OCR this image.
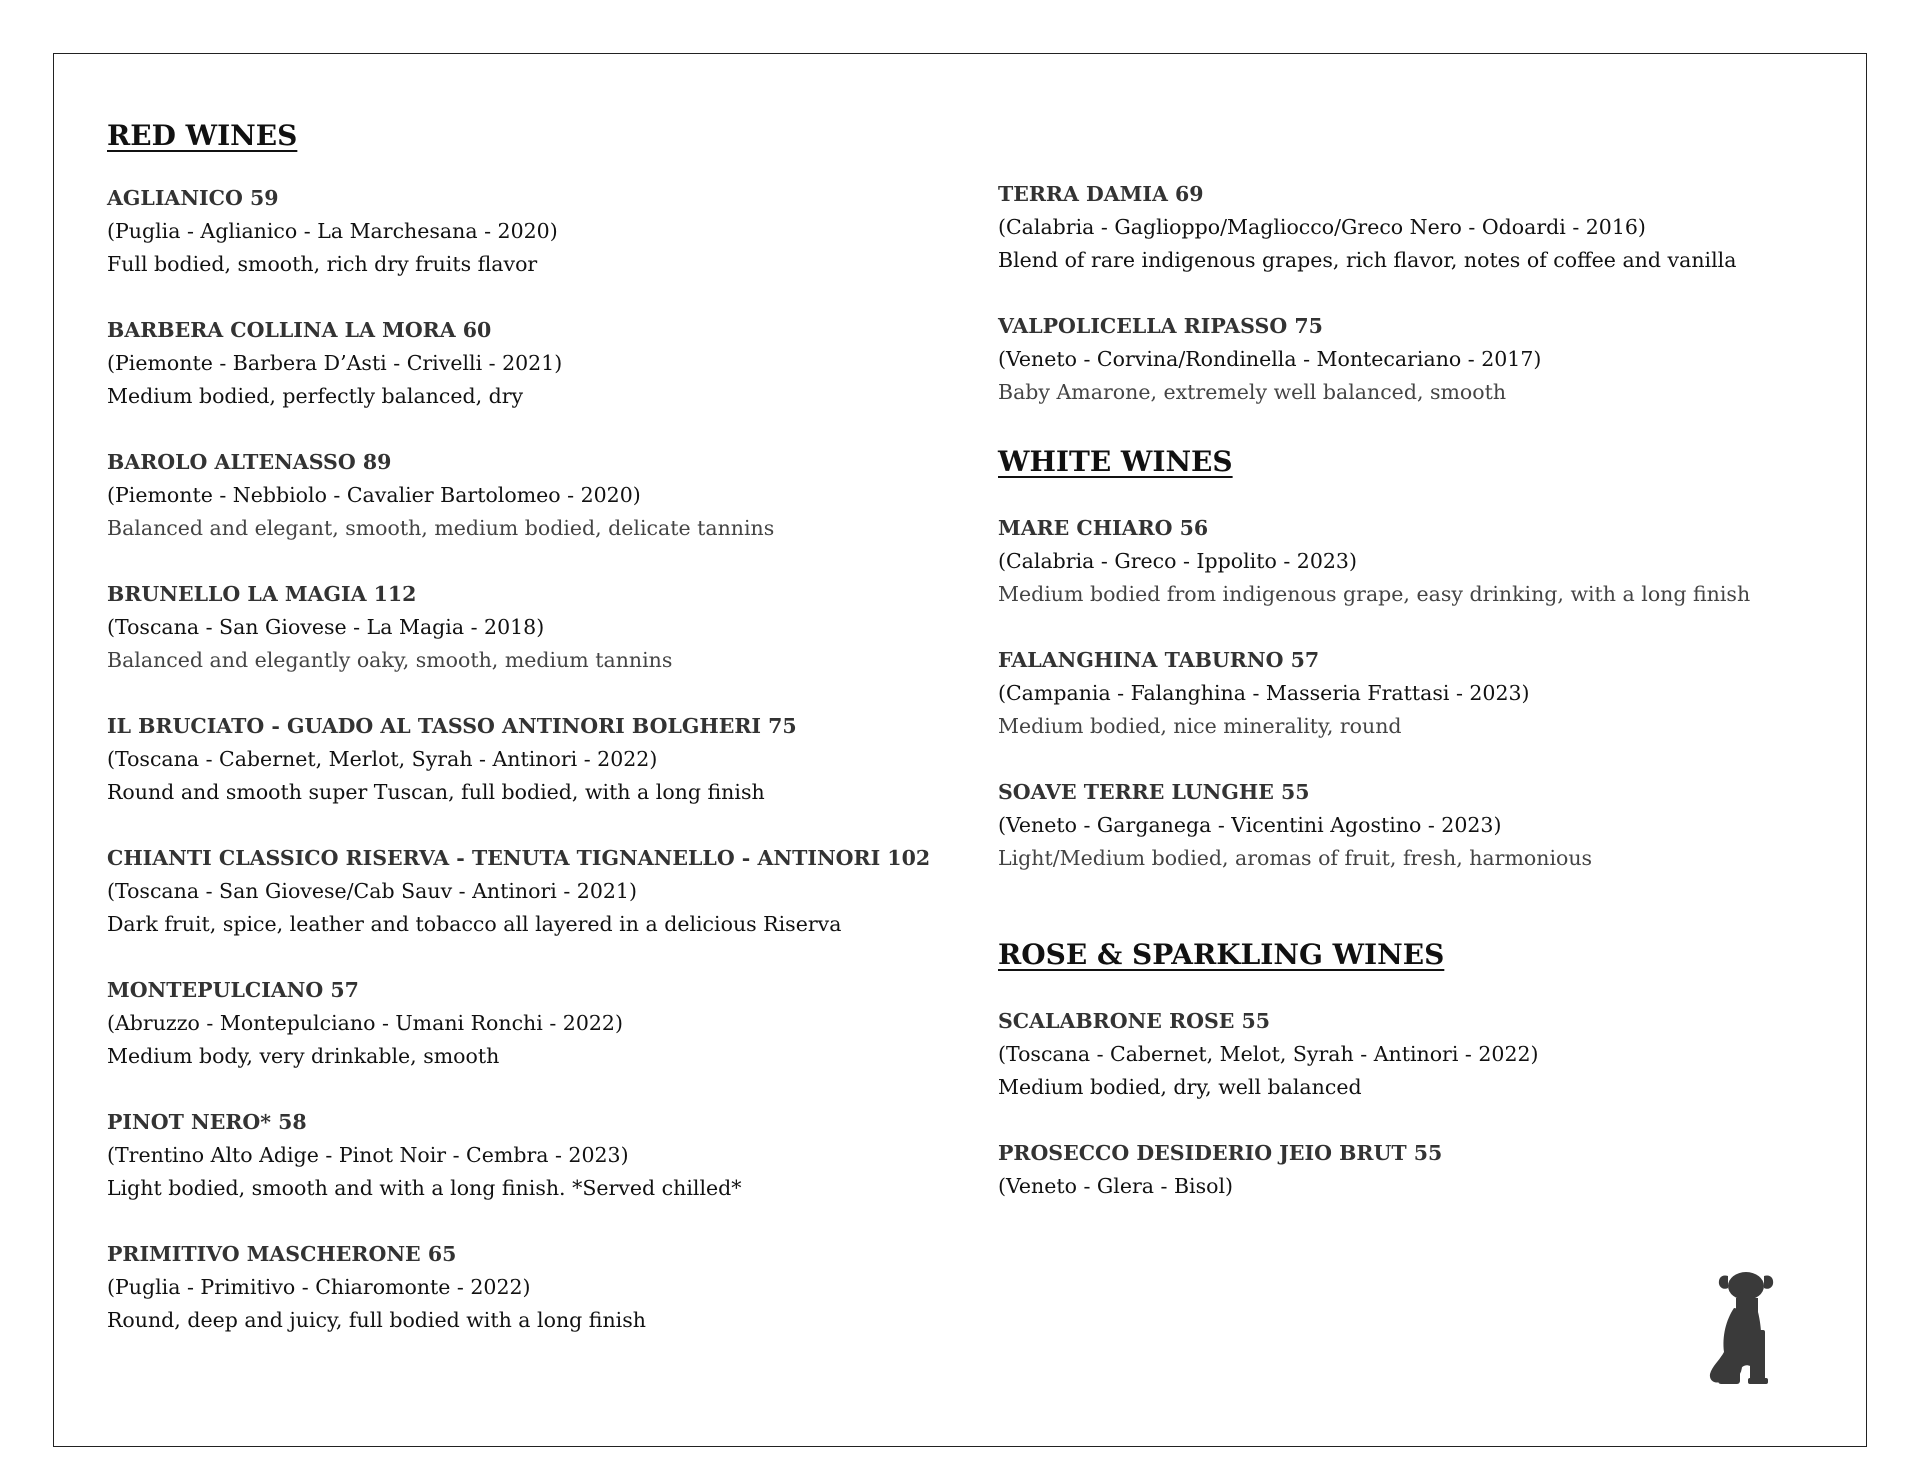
RED WINES
AGLIANICO 59
(Puglia - Aglianico - La Marchesana - 2020)
Full bodied, smooth, rich dry fruits flavor
BARBERA COLLINA LA MORA 60
(Piemonte - Barbera D’Asti - Crivelli - 2021)
Medium bodied, perfectly balanced, dry
BAROLO ALTENASSO 89
(Piemonte - Nebbiolo - Cavalier Bartolomeo - 2020)
Balanced and elegant, smooth, medium bodied, delicate tannins
BRUNELLO LA MAGIA 112
(Toscana - San Giovese - La Magia - 2018)
Balanced and elegantly oaky, smooth, medium tannins
IL BRUCIATO - GUADO AL TASSO ANTINORI BOLGHERI 75
(Toscana - Cabernet, Merlot, Syrah - Antinori - 2022)
Round and smooth super Tuscan, full bodied, with a long finish
CHIANTI CLASSICO RISERVA - TENUTA TIGNANELLO - ANTINORI 102
(Toscana - San Giovese/Cab Sauv - Antinori - 2021)
Dark fruit, spice, leather and tobacco all layered in a delicious Riserva
MONTEPULCIANO 57
(Abruzzo - Montepulciano - Umani Ronchi - 2022)
Medium body, very drinkable, smooth
PINOT NERO* 58
(Trentino Alto Adige - Pinot Noir - Cembra - 2023)
Light bodied, smooth and with a long finish. *Served chilled*
PRIMITIVO MASCHERONE 65
(Puglia - Primitivo - Chiaromonte - 2022)
Round, deep and juicy, full bodied with a long finish
TERRA DAMIA 69
(Calabria - Gaglioppo/Magliocco/Greco Nero - Odoardi - 2016)
Blend of rare indigenous grapes, rich flavor, notes of coffee and vanilla
VALPOLICELLA RIPASSO 75
(Veneto - Corvina/Rondinella - Montecariano - 2017)
Baby Amarone, extremely well balanced, smooth
WHITE WINES
MARE CHIARO 56
(Calabria - Greco - Ippolito - 2023)
Medium bodied from indigenous grape, easy drinking, with a long finish
FALANGHINA TABURNO 57
(Campania - Falanghina - Masseria Frattasi - 2023)
Medium bodied, nice minerality, round
SOAVE TERRE LUNGHE 55
(Veneto - Garganega - Vicentini Agostino - 2023)
Light/Medium bodied, aromas of fruit, fresh, harmonious
ROSE & SPARKLING WINES
SCALABRONE ROSE 55
(Toscana - Cabernet, Melot, Syrah - Antinori - 2022)
Medium bodied, dry, well balanced
PROSECCO DESIDERIO JEIO BRUT 55
(Veneto - Glera - Bisol)
